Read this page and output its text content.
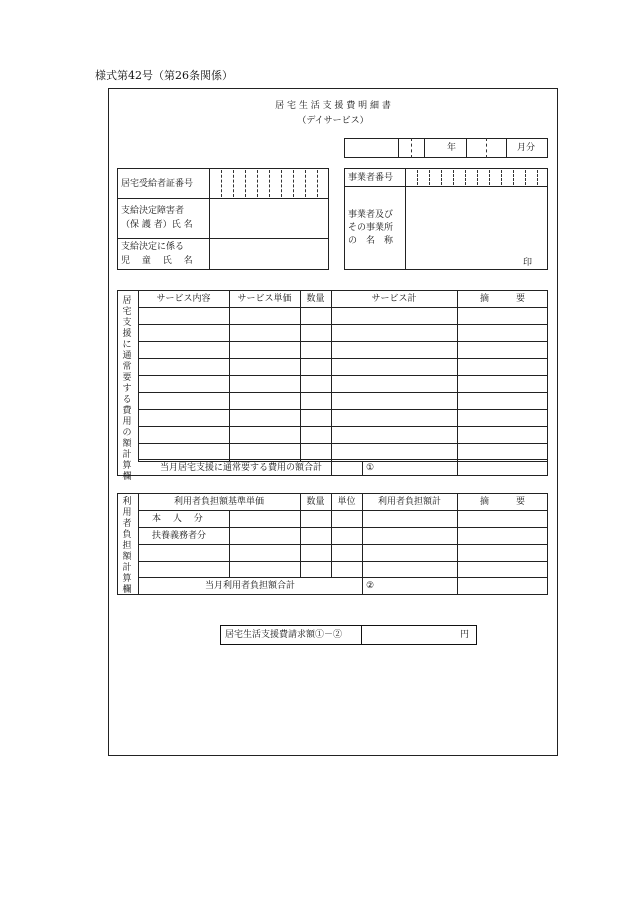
様式第42号（第26条関係）
居 宅 生 活 支 援 費 明 細 書
（デイサービス）
年	月分
居宅受給者証番号
支給決定障害者
（保 護 者）氏 名
支給決定に係る
児　 童　 氏　 名
事業者番号
事業者及び
その事業所
の　名　称
印
居
宅
支
援
に
通
常
要
す
る
費
用
の
額
計
算
欄
サービス内容	サービス単価	数量	サービス計	摘　　　要
当月居宅支援に通常要する費用の額合計	①
利
用
者
負
担
額
計
算
欄
利用者負担額基準単価	数量	単位	利用者負担額計	摘　　　要
本　 人　 分
扶養義務者分
当月利用者負担額合計	②
居宅生活支援費請求額①－②	円
